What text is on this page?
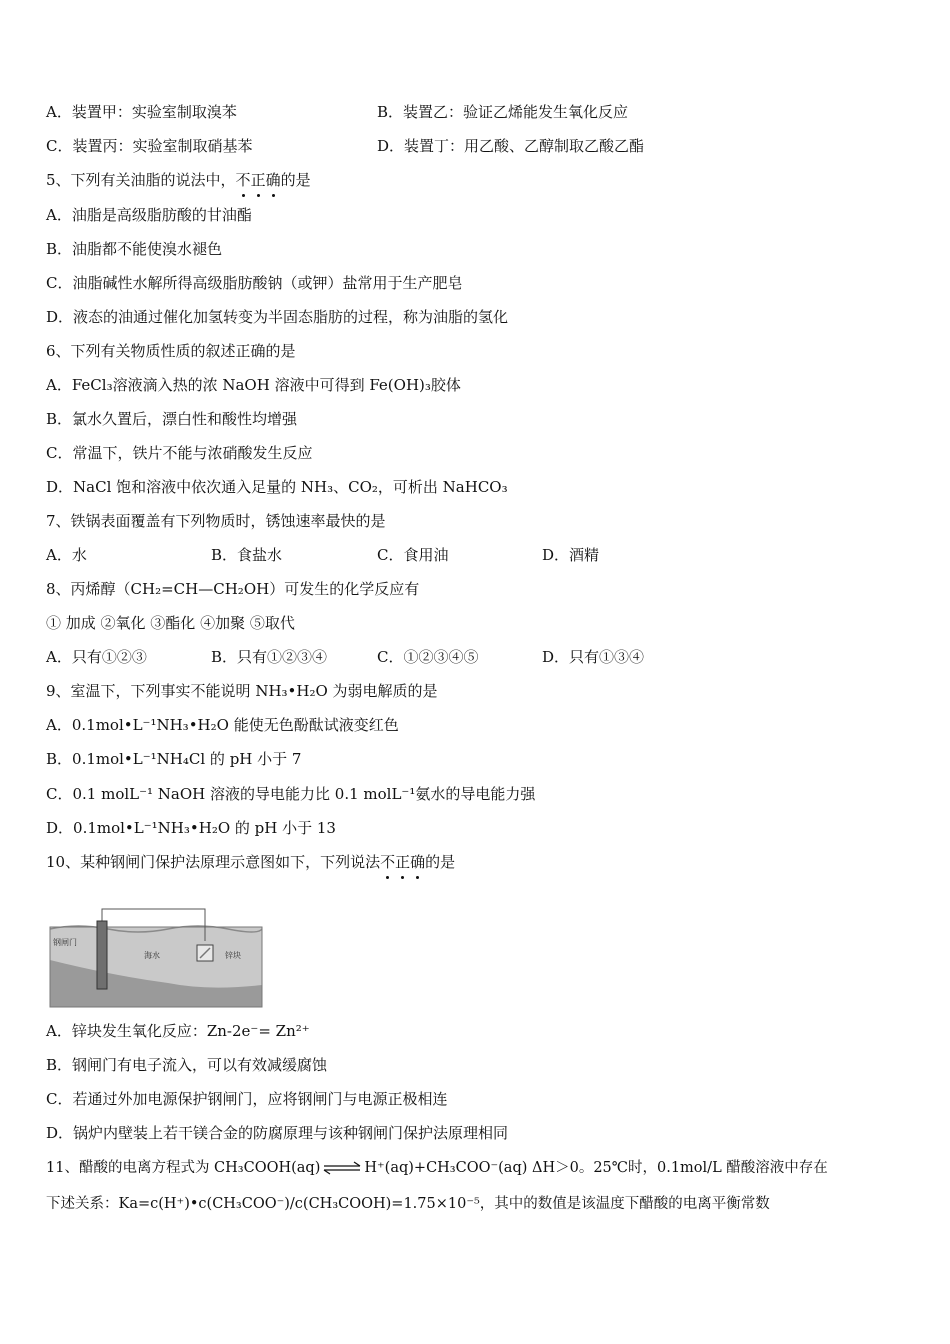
A．装置甲：实验室制取溴苯	B．装置乙：验证乙烯能发生氧化反应
C．装置丙：实验室制取硝基苯	D．装置丁：用乙酸、乙醇制取乙酸乙酯
5、下列有关油脂的说法中，不正确的是
A．油脂是高级脂肪酸的甘油酯
B．油脂都不能使溴水褪色
C．油脂碱性水解所得高级脂肪酸钠（或钾）盐常用于生产肥皂
D．液态的油通过催化加氢转变为半固态脂肪的过程，称为油脂的氢化
6、下列有关物质性质的叙述正确的是
A．FeCl₃溶液滴入热的浓 NaOH 溶液中可得到 Fe(OH)₃胶体
B．氯水久置后，漂白性和酸性均增强
C．常温下，铁片不能与浓硝酸发生反应
D．NaCl 饱和溶液中依次通入足量的 NH₃、CO₂，可析出 NaHCO₃
7、铁锅表面覆盖有下列物质时，锈蚀速率最快的是
A．水	B．食盐水	C．食用油	D．酒精
8、丙烯醇（CH₂=CH—CH₂OH）可发生的化学反应有
① 加成 ②氧化 ③酯化 ④加聚 ⑤取代
A．只有①②③	B．只有①②③④	C．①②③④⑤	D．只有①③④
9、室温下，下列事实不能说明 NH₃•H₂O 为弱电解质的是
A．0.1mol•L⁻¹NH₃•H₂O 能使无色酚酞试液变红色
B．0.1mol•L⁻¹NH₄Cl 的 pH 小于 7
C．0.1 molL⁻¹ NaOH 溶液的导电能力比 0.1 molL⁻¹氨水的导电能力强
D．0.1mol•L⁻¹NH₃•H₂O 的 pH 小于 13
10、某种钢闸门保护法原理示意图如下，下列说法不正确的是
钢闸门
海水	锌块
A．锌块发生氧化反应：Zn-2e⁻= Zn²⁺
B．钢闸门有电子流入，可以有效减缓腐蚀
C．若通过外加电源保护钢闸门，应将钢闸门与电源正极相连
D．锅炉内壁装上若干镁合金的防腐原理与该种钢闸门保护法原理相同
11、醋酸的电离方程式为 CH₃COOH(aq) ⇌ H⁺(aq)+CH₃COO⁻(aq) ΔH＞0。25℃时，0.1mol/L 醋酸溶液中存在
下述关系：Ka=c(H⁺)•c(CH₃COO⁻)/c(CH₃COOH)=1.75×10⁻⁵，其中的数值是该温度下醋酸的电离平衡常数
